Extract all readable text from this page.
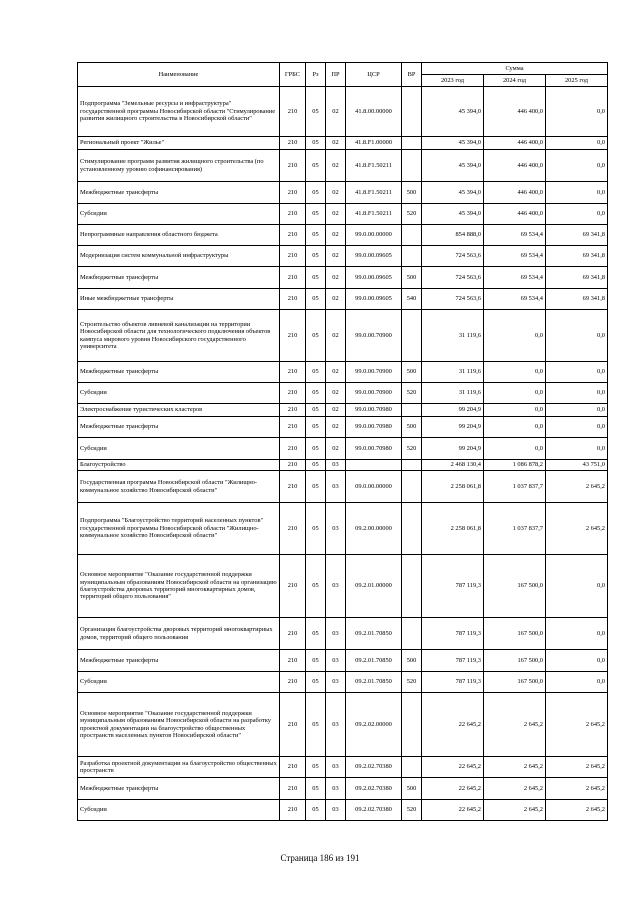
Наименование	ГРБС	Рз	ПР	ЦСР	ВР	Сумма		
						2023 год	2024 год	2025 год
Подпрограмма "Земельные ресурсы и инфраструктура" государственной программы Новосибирской области "Стимулирование развития жилищного строительства в Новосибирской области"	210	05	02	41.8.00.00000		45 394,0	446 400,0	0,0
Региональный проект "Жилье"	210	05	02	41.8.F1.00000		45 394,0	446 400,0	0,0
Стимулирование программ развития жилищного строительства (по установленному уровню софинансирования)	210	05	02	41.8.F1.50211		45 394,0	446 400,0	0,0
Межбюджетные трансферты	210	05	02	41.8.F1.50211	500	45 394,0	446 400,0	0,0
Субсидии	210	05	02	41.8.F1.50211	520	45 394,0	446 400,0	0,0
Непрограммные направления областного бюджета	210	05	02	99.0.00.00000		854 888,0	69 534,4	69 341,8
Модернизация систем коммунальной инфраструктуры	210	05	02	99.0.00.09605		724 563,6	69 534,4	69 341,8
Межбюджетные трансферты	210	05	02	99.0.00.09605	500	724 563,6	69 534,4	69 341,8
Иные межбюджетные трансферты	210	05	02	99.0.00.09605	540	724 563,6	69 534,4	69 341,8
Строительство объектов ливневой канализации на территории Новосибирской области для технологического подключения объектов кампуса мирового уровня Новосибирского государственного университета	210	05	02	99.0.00.70900		31 119,6	0,0	0,0
Межбюджетные трансферты	210	05	02	99.0.00.70900	500	31 119,6	0,0	0,0
Субсидии	210	05	02	99.0.00.70900	520	31 119,6	0,0	0,0
Электроснабжение туристических кластеров	210	05	02	99.0.00.70980		99 204,9	0,0	0,0
Межбюджетные трансферты	210	05	02	99.0.00.70980	500	99 204,9	0,0	0,0
Субсидии	210	05	02	99.0.00.70980	520	99 204,9	0,0	0,0
Благоустройство	210	05	03			2 468 130,4	1 086 878,2	43 751,0
Государственная программа Новосибирской области "Жилищно-коммунальное хозяйство Новосибирской области"	210	05	03	09.0.00.00000		2 258 061,8	1 037 837,7	2 645,2
Подпрограмма "Благоустройство территорий населенных пунктов" государственной программы Новосибирской области "Жилищно-коммунальное хозяйство Новосибирской области"	210	05	03	09.2.00.00000		2 258 061,8	1 037 837,7	2 645,2
Основное мероприятие "Оказание государственной поддержки муниципальным образованиям Новосибирской области на организацию благоустройства дворовых территорий многоквартирных домов, территорий общего пользования"	210	05	03	09.2.01.00000		787 119,3	167 500,0	0,0
Организация благоустройства дворовых территорий многоквартирных домов, территорий общего пользования	210	05	03	09.2.01.70850		787 119,3	167 500,0	0,0
Межбюджетные трансферты	210	05	03	09.2.01.70850	500	787 119,3	167 500,0	0,0
Субсидии	210	05	03	09.2.01.70850	520	787 119,3	167 500,0	0,0
Основное мероприятие "Оказание государственной поддержки муниципальным образованиям Новосибирской области на разработку проектной документации на благоустройство общественных пространств населенных пунктов Новосибирской области"	210	05	03	09.2.02.00000		22 645,2	2 645,2	2 645,2
Разработка проектной документации на благоустройство общественных пространств	210	05	03	09.2.02.70380		22 645,2	2 645,2	2 645,2
Межбюджетные трансферты	210	05	03	09.2.02.70380	500	22 645,2	2 645,2	2 645,2
Субсидии	210	05	03	09.2.02.70380	520	22 645,2	2 645,2	2 645,2
Страница 186 из 191
